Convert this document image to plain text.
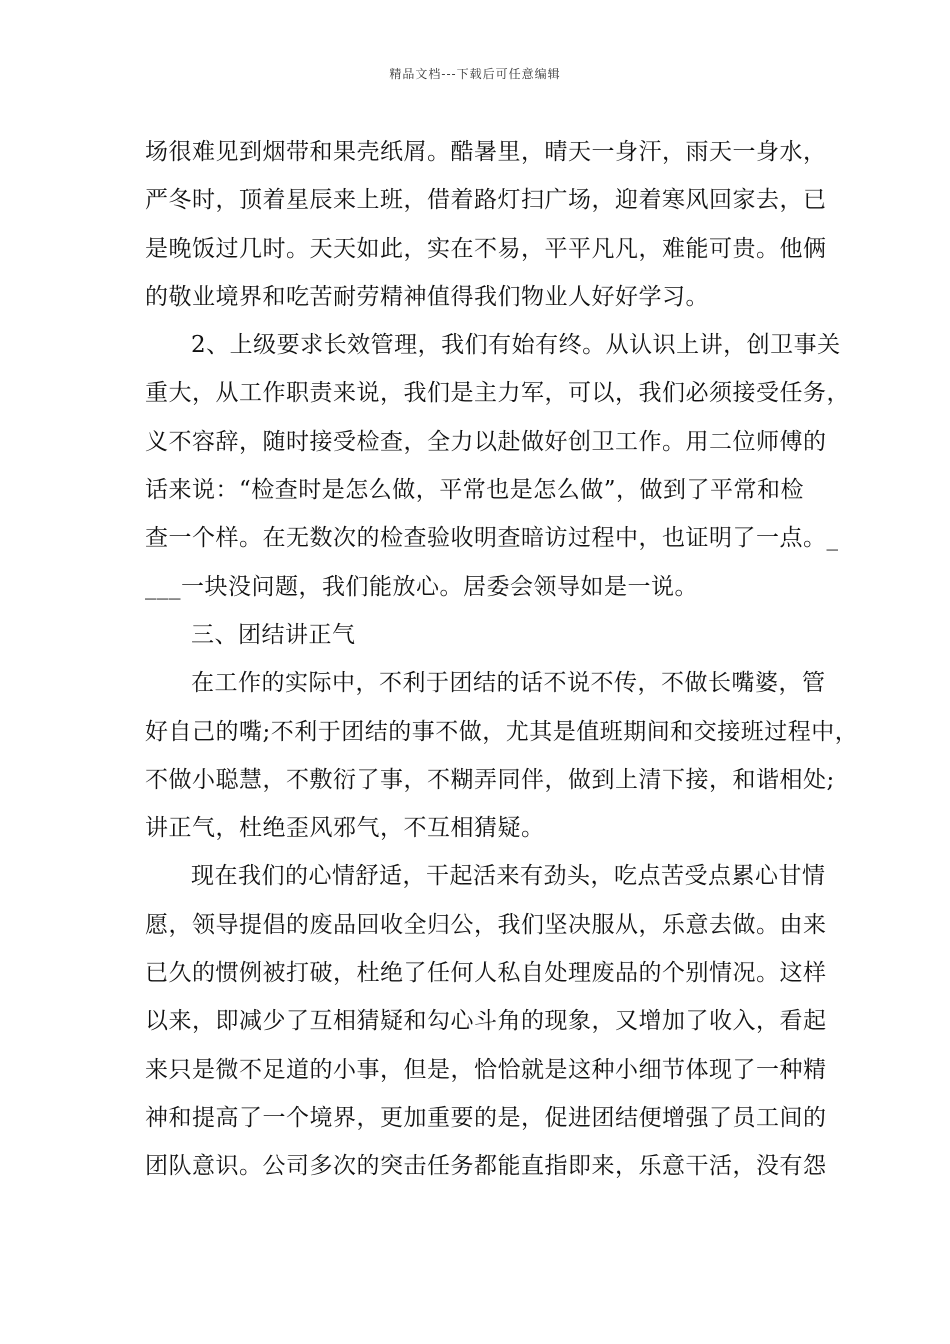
精品文档---下载后可任意编辑
场很难见到烟带和果壳纸屑。酷暑里，晴天一身汗，雨天一身水，
严冬时，顶着星辰来上班，借着路灯扫广场，迎着寒风回家去，已
是晚饭过几时。天天如此，实在不易，平平凡凡，难能可贵。他俩
的敬业境界和吃苦耐劳精神值得我们物业人好好学习。
2、上级要求长效管理，我们有始有终。从认识上讲，创卫事关
重大，从工作职责来说，我们是主力军，可以，我们必须接受任务，
义不容辞，随时接受检查，全力以赴做好创卫工作。用二位师傅的
话来说：“检查时是怎么做，平常也是怎么做”，做到了平常和检
查一个样。在无数次的检查验收明查暗访过程中，也证明了一点。_
___一块没问题，我们能放心。居委会领导如是一说。
三、团结讲正气
在工作的实际中，不利于团结的话不说不传，不做长嘴婆，管
好自己的嘴;不利于团结的事不做，尤其是值班期间和交接班过程中，
不做小聪慧，不敷衍了事，不糊弄同伴，做到上清下接，和谐相处;
讲正气，杜绝歪风邪气，不互相猜疑。
现在我们的心情舒适，干起活来有劲头，吃点苦受点累心甘情
愿，领导提倡的废品回收全归公，我们坚决服从，乐意去做。由来
已久的惯例被打破，杜绝了任何人私自处理废品的个别情况。这样
以来，即减少了互相猜疑和勾心斗角的现象，又增加了收入，看起
来只是微不足道的小事，但是，恰恰就是这种小细节体现了一种精
神和提高了一个境界，更加重要的是，促进团结便增强了员工间的
团队意识。公司多次的突击任务都能直指即来，乐意干活，没有怨
